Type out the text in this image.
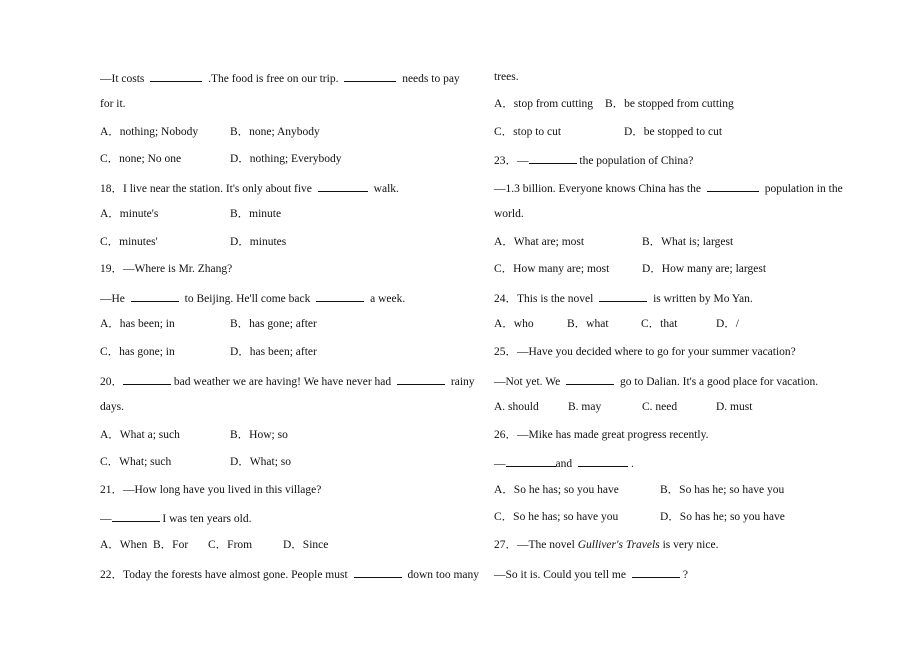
—It costs	.The food is free on our trip.	needs to pay
for it.
A．nothing; Nobody	B．none; Anybody
C．none; No one	D．nothing; Everybody
18．I live near the station. It's only about five	walk.
A．minute's	B．minute
C．minutes'	D．minutes
19．—Where is Mr. Zhang?
—He	to Beijing. He'll come back	a week.
A．has been; in	B．has gone; after
C．has gone; in	D．has been; after
20．	bad weather we are having! We have never had	rainy
days.
A．What a; such	B．How; so
C．What; such	D．What; so
21．—How long have you lived in this village?
—	I was ten years old.
A．When B．For C．From	D．Since
22．Today the forests have almost gone. People must	down too many
trees.
A．stop from cutting B．be stopped from cutting
C．stop to cut	D．be stopped to cut
23．—	the population of China?
—1.3 billion. Everyone knows China has the	population in the
world.
A．What are; most	B．What is; largest
C．How many are; most	D．How many are; largest
24．This is the novel	is written by Mo Yan.
A．who	B．what	C．that	D．/
25．—Have you decided where to go for your summer vacation?
—Not yet. We	go to Dalian. It's a good place for vacation.
A. should	B. may	C. need	D. must
26．—Mike has made great progress recently.
—	and	.
A．So he has; so you have	B．So has he; so have you
C．So he has; so have you	D．So has he; so you have
27．—The novel Gulliver's Travels is very nice.
—So it is. Could you tell me	?
